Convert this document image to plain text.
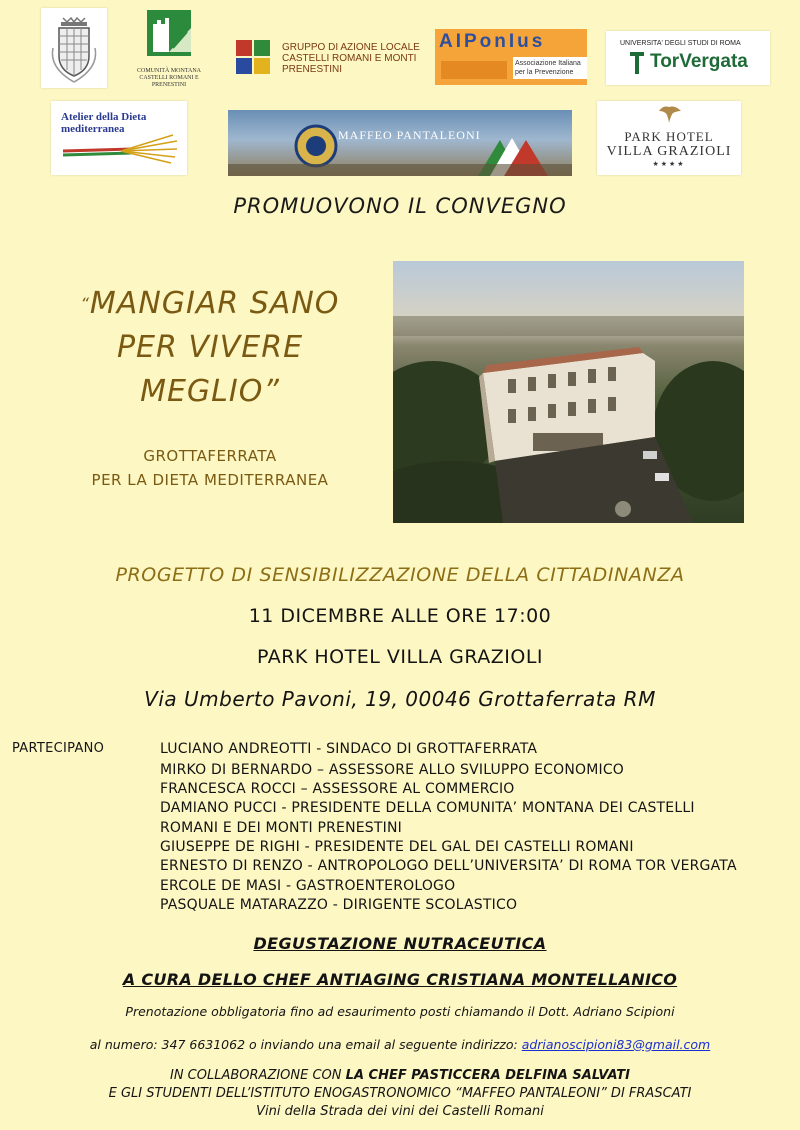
COMUNITÀ MONTANA CASTELLI ROMANI E PRENESTINI
GRUPPO DI AZIONE LOCALE CASTELLI ROMANI E MONTI PRENESTINI
AIPonIus
Associazione Italiana per la Prevenzione
UNIVERSITA' DEGLI STUDI DI ROMA
TorVergata
Atelier della Dieta mediterranea	MAFFEO PANTALEONI	PARK HOTEL
VILLA GRAZIOLI
★★★★
PROMUOVONO IL CONVEGNO
“MANGIAR SANO
PER VIVERE
MEGLIO”
GROTTAFERRATA
PER LA DIETA MEDITERRANEA
PROGETTO DI SENSIBILIZZAZIONE DELLA CITTADINANZA
11 DICEMBRE ALLE ORE 17:00
PARK HOTEL VILLA GRAZIOLI
Via Umberto Pavoni, 19, 00046 Grottaferrata RM
PARTECIPANO	LUCIANO ANDREOTTI - SINDACO DI GROTTAFERRATA
MIRKO DI BERNARDO – ASSESSORE ALLO SVILUPPO ECONOMICO
FRANCESCA ROCCI – ASSESSORE AL COMMERCIO
DAMIANO PUCCI - PRESIDENTE DELLA COMUNITA’ MONTANA DEI CASTELLI
ROMANI E DEI MONTI PRENESTINI
GIUSEPPE DE RIGHI - PRESIDENTE DEL GAL DEI CASTELLI ROMANI
ERNESTO DI RENZO - ANTROPOLOGO DELL’UNIVERSITA’ DI ROMA TOR VERGATA
ERCOLE DE MASI - GASTROENTEROLOGO
PASQUALE MATARAZZO - DIRIGENTE SCOLASTICO
DEGUSTAZIONE NUTRACEUTICA
A CURA DELLO CHEF ANTIAGING CRISTIANA MONTELLANICO
Prenotazione obbligatoria fino ad esaurimento posti chiamando il Dott. Adriano Scipioni
al numero: 347 6631062 o inviando una email al seguente indirizzo: adrianoscipioni83@gmail.com
IN COLLABORAZIONE CON LA CHEF PASTICCERA DELFINA SALVATI
E GLI STUDENTI DELL’ISTITUTO ENOGASTRONOMICO “MAFFEO PANTALEONI” DI FRASCATI
Vini della Strada dei vini dei Castelli Romani
